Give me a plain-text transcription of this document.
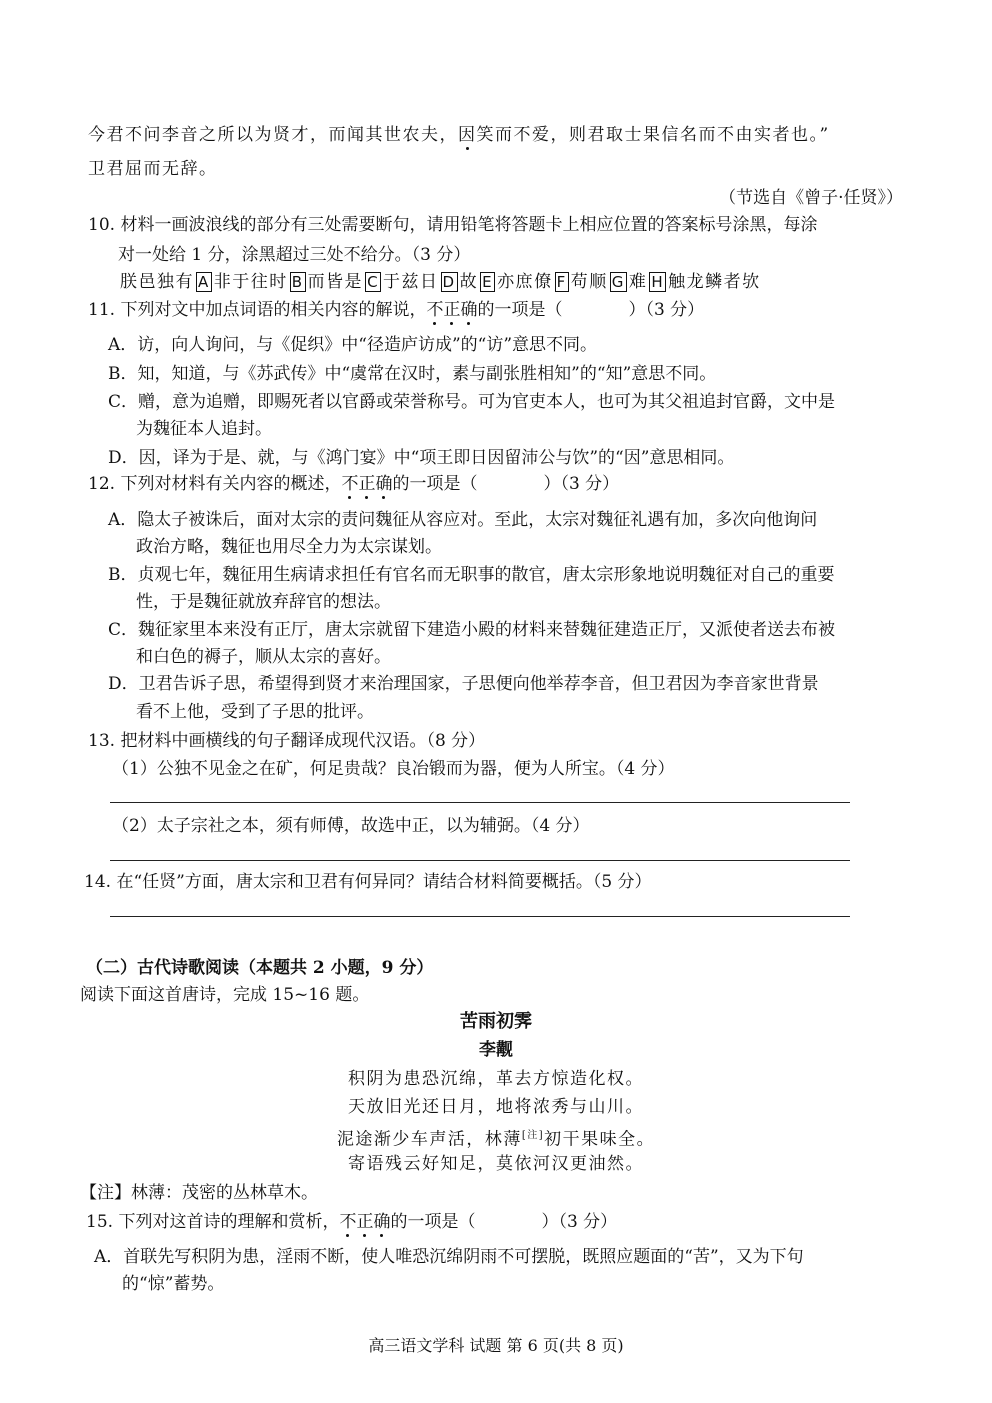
今君不问李音之所以为贤才，而闻其世农夫，因笑而不爱，则君取士果信名而不由实者也。”
卫君屈而无辞。
（节选自《曾子·任贤》）
10. 材料一画波浪线的部分有三处需要断句，请用铅笔将答题卡上相应位置的答案标号涂黑，每涂
对一处给 1 分，涂黑超过三处不给分。（3 分）
朕邑独有 A 非于往时 B 而皆是 C 于兹日 D 故 E 亦庶僚 F 苟顺 G 难 H 触龙鳞者欤
11. 下列对文中加点词语的相关内容的解说，不正确的一项是（	）（3 分）
A．访，向人询问，与《促织》中“径造庐访成”的“访”意思不同。
B．知，知道，与《苏武传》中“虞常在汉时，素与副张胜相知”的“知”意思不同。
C．赠，意为追赠，即赐死者以官爵或荣誉称号。可为官吏本人，也可为其父祖追封官爵，文中是
为魏征本人追封。
D．因，译为于是、就，与《鸿门宴》中“项王即日因留沛公与饮”的“因”意思相同。
12. 下列对材料有关内容的概述，不正确的一项是（	）（3 分）
A．隐太子被诛后，面对太宗的责问魏征从容应对。至此，太宗对魏征礼遇有加，多次向他询问
政治方略，魏征也用尽全力为太宗谋划。
B．贞观七年，魏征用生病请求担任有官名而无职事的散官，唐太宗形象地说明魏征对自己的重要
性，于是魏征就放弃辞官的想法。
C．魏征家里本来没有正厅，唐太宗就留下建造小殿的材料来替魏征建造正厅，又派使者送去布被
和白色的褥子，顺从太宗的喜好。
D．卫君告诉子思，希望得到贤才来治理国家，子思便向他举荐李音，但卫君因为李音家世背景
看不上他，受到了子思的批评。
13. 把材料中画横线的句子翻译成现代汉语。（8 分）
（1）公独不见金之在矿，何足贵哉？良冶锻而为器，便为人所宝。（4 分）
（2）太子宗社之本，须有师傅，故选中正，以为辅弼。（4 分）
14. 在“任贤”方面，唐太宗和卫君有何异同？请结合材料简要概括。（5 分）
（二）古代诗歌阅读（本题共 2 小题，9 分）
阅读下面这首唐诗，完成 15~16 题。
苦雨初霁
李觏
积阴为患恐沉绵，革去方惊造化权。
天放旧光还日月，地将浓秀与山川。
泥途渐少车声活，林薄[注]初干果味全。
寄语残云好知足，莫依河汉更油然。
【注】林薄：茂密的丛林草木。
15. 下列对这首诗的理解和赏析，不正确的一项是（	）（3 分）
A．首联先写积阴为患，淫雨不断，使人唯恐沉绵阴雨不可摆脱，既照应题面的“苦”，又为下句
的“惊”蓄势。
高三语文学科 试题 第 6 页(共 8 页)
